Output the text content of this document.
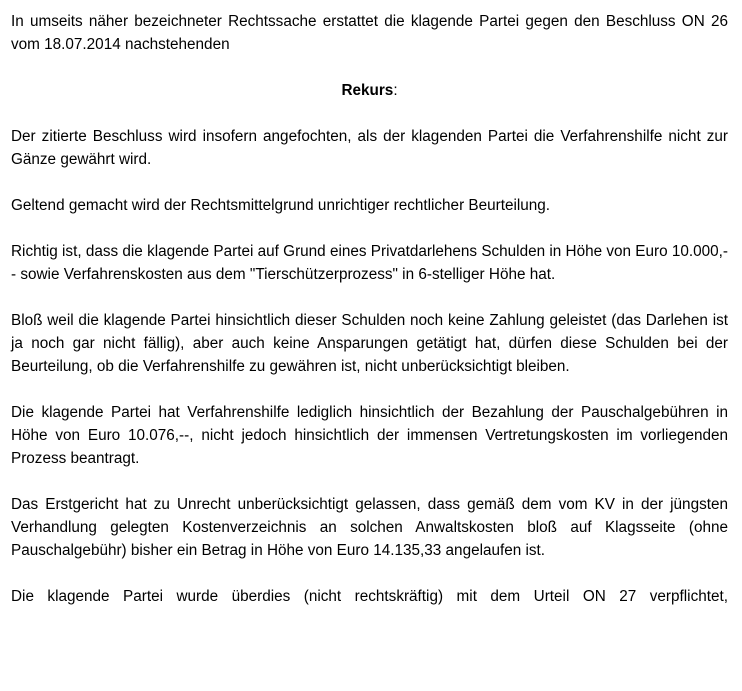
In umseits näher bezeichneter Rechtssache erstattet die klagende Partei gegen den Beschluss ON 26 vom 18.07.2014 nachstehenden

Rekurs:

Der zitierte Beschluss wird insofern angefochten, als der klagenden Partei die Verfahrenshilfe nicht zur Gänze gewährt wird.

Geltend gemacht wird der Rechtsmittelgrund unrichtiger rechtlicher Beurteilung.

Richtig ist, dass die klagende Partei auf Grund eines Privatdarlehens Schulden in Höhe von Euro 10.000,-- sowie Verfahrenskosten aus dem "Tierschützerprozess" in 6-stelliger Höhe hat.

Bloß weil die klagende Partei hinsichtlich dieser Schulden noch keine Zahlung geleistet (das Darlehen ist ja noch gar nicht fällig), aber auch keine Ansparungen getätigt hat, dürfen diese Schulden bei der Beurteilung, ob die Verfahrenshilfe zu gewähren ist, nicht unberücksichtigt bleiben.

Die klagende Partei hat Verfahrenshilfe lediglich hinsichtlich der Bezahlung der Pauschalgebühren in Höhe von Euro 10.076,--, nicht jedoch hinsichtlich der immensen Vertretungskosten im vorliegenden Prozess beantragt.

Das Erstgericht hat zu Unrecht unberücksichtigt gelassen, dass gemäß dem vom KV in der jüngsten Verhandlung gelegten Kostenverzeichnis an solchen Anwaltskosten bloß auf Klagsseite (ohne Pauschalgebühr) bisher ein Betrag in Höhe von Euro 14.135,33 angelaufen ist.

Die klagende Partei wurde überdies (nicht rechtskräftig) mit dem Urteil ON 27 verpflichtet,
